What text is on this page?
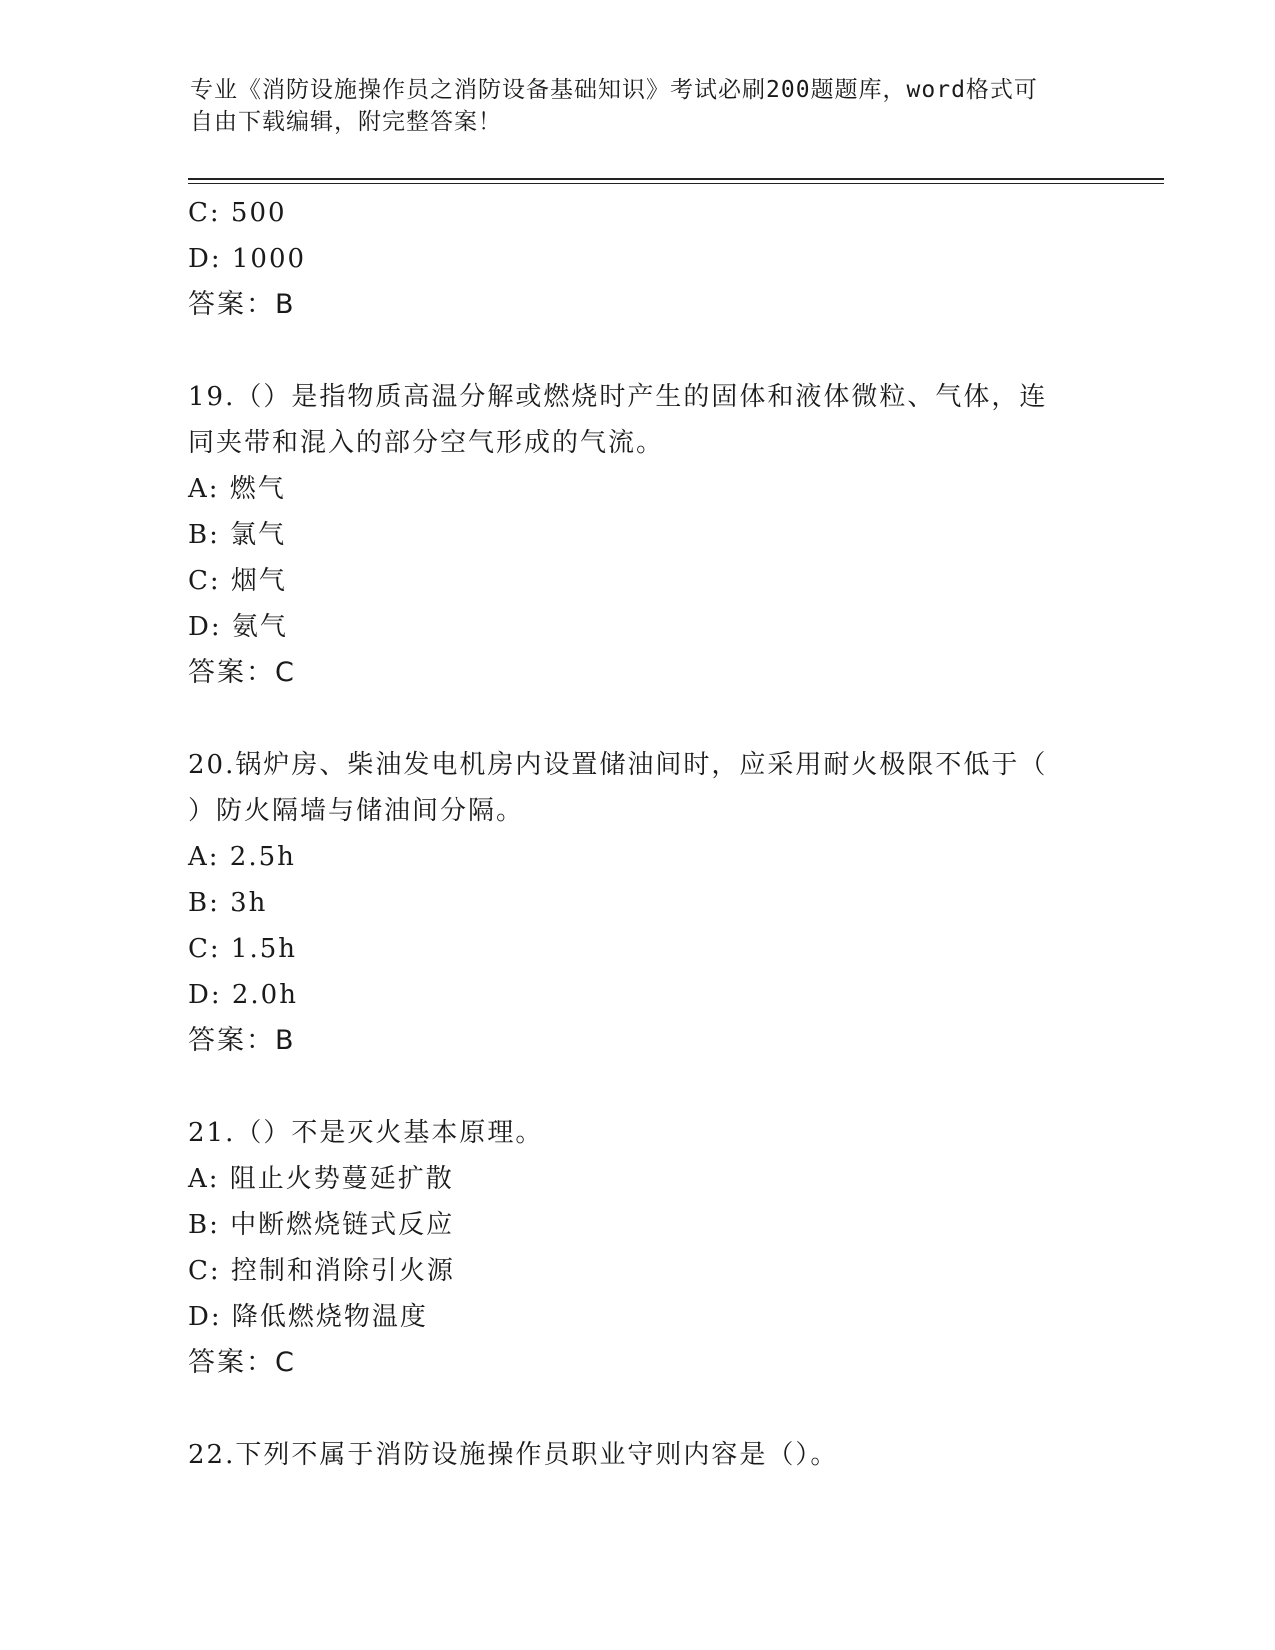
专业《消防设施操作员之消防设备基础知识》考试必刷200题题库，word格式可
自由下载编辑，附完整答案！
C: 500
D: 1000
答案：B
19.（）是指物质高温分解或燃烧时产生的固体和液体微粒、气体，连
同夹带和混入的部分空气形成的气流。
A: 燃气
B: 氯气
C: 烟气
D: 氨气
答案：C
20.锅炉房、柴油发电机房内设置储油间时，应采用耐火极限不低于（
）防火隔墙与储油间分隔。
A: 2.5h
B: 3h
C: 1.5h
D: 2.0h
答案：B
21.（）不是灭火基本原理。
A: 阻止火势蔓延扩散
B: 中断燃烧链式反应
C: 控制和消除引火源
D: 降低燃烧物温度
答案：C
22.下列不属于消防设施操作员职业守则内容是（）。
